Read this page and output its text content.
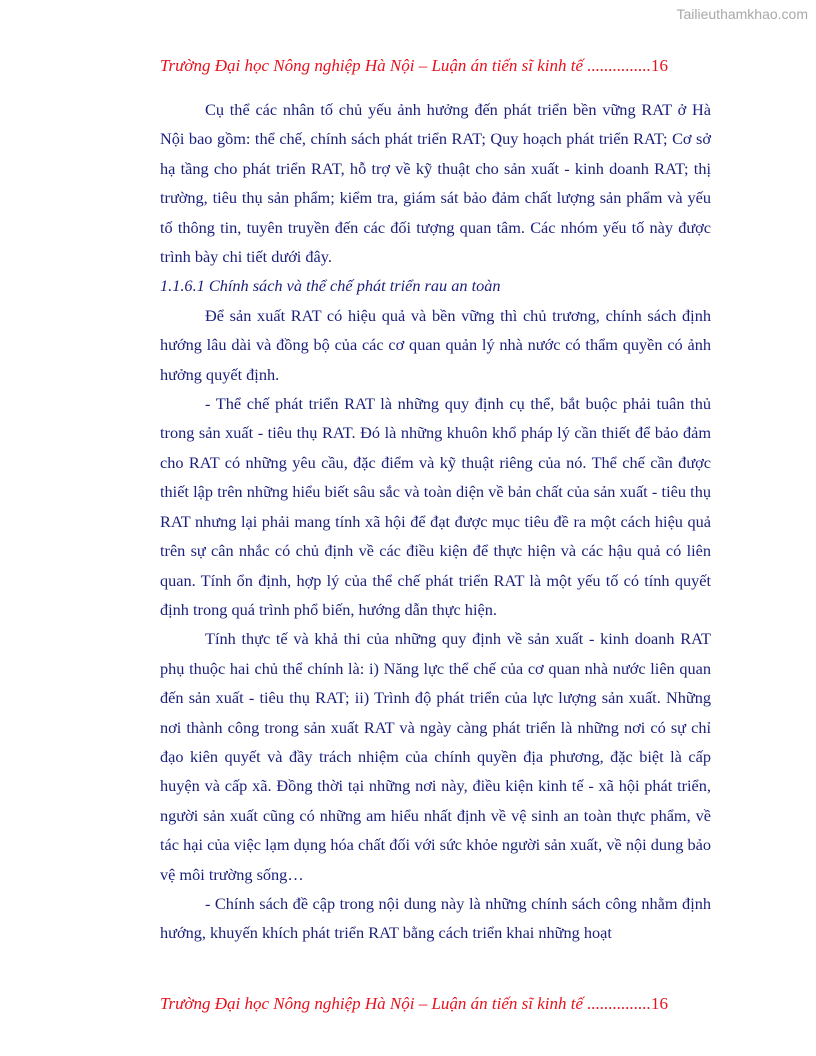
Tailieuthamkhao.com
Trường Đại học Nông nghiệp Hà Nội – Luận án tiến sĩ kinh tế ...............16

Cụ thể các nhân tố chủ yếu ảnh hưởng đến phát triển bền vững RAT ở Hà Nội bao gồm: thể chế, chính sách phát triển RAT; Quy hoạch phát triển RAT; Cơ sở hạ tầng cho phát triển RAT, hỗ trợ về kỹ thuật cho sản xuất - kinh doanh RAT; thị trường, tiêu thụ sản phẩm; kiểm tra, giám sát bảo đảm chất lượng sản phẩm và yếu tố thông tin, tuyên truyền đến các đối tượng quan tâm. Các nhóm yếu tố này được trình bày chi tiết dưới đây.

1.1.6.1 Chính sách và thể chế phát triển rau an toàn

Để sản xuất RAT có hiệu quả và bền vững thì chủ trương, chính sách định hướng lâu dài và đồng bộ của các cơ quan quản lý nhà nước có thẩm quyền có ảnh hưởng quyết định.

- Thể chế phát triển RAT là những quy định cụ thể, bắt buộc phải tuân thủ trong sản xuất - tiêu thụ RAT. Đó là những khuôn khổ pháp lý cần thiết để bảo đảm cho RAT có những yêu cầu, đặc điểm và kỹ thuật riêng của nó. Thể chế cần được thiết lập trên những hiểu biết sâu sắc và toàn diện về bản chất của sản xuất - tiêu thụ RAT nhưng lại phải mang tính xã hội để đạt được mục tiêu đề ra một cách hiệu quả trên sự cân nhắc có chủ định về các điều kiện để thực hiện và các hậu quả có liên quan. Tính ổn định, hợp lý của thể chế phát triển RAT là một yếu tố có tính quyết định trong quá trình phổ biến, hướng dẫn thực hiện.

Tính thực tế và khả thi của những quy định về sản xuất - kinh doanh RAT phụ thuộc hai chủ thể chính là: i) Năng lực thể chế của cơ quan nhà nước liên quan đến sản xuất - tiêu thụ RAT; ii) Trình độ phát triển của lực lượng sản xuất. Những nơi thành công trong sản xuất RAT và ngày càng phát triển là những nơi có sự chỉ đạo kiên quyết và đầy trách nhiệm của chính quyền địa phương, đặc biệt là cấp huyện và cấp xã. Đồng thời tại những nơi này, điều kiện kinh tế - xã hội phát triển, người sản xuất cũng có những am hiểu nhất định về vệ sinh an toàn thực phẩm, về tác hại của việc lạm dụng hóa chất đối với sức khỏe người sản xuất, về nội dung bảo vệ môi trường sống…

- Chính sách đề cập trong nội dung này là những chính sách công nhằm định hướng, khuyến khích phát triển RAT bằng cách triển khai những hoạt

Trường Đại học Nông nghiệp Hà Nội – Luận án tiến sĩ kinh tế ...............16
